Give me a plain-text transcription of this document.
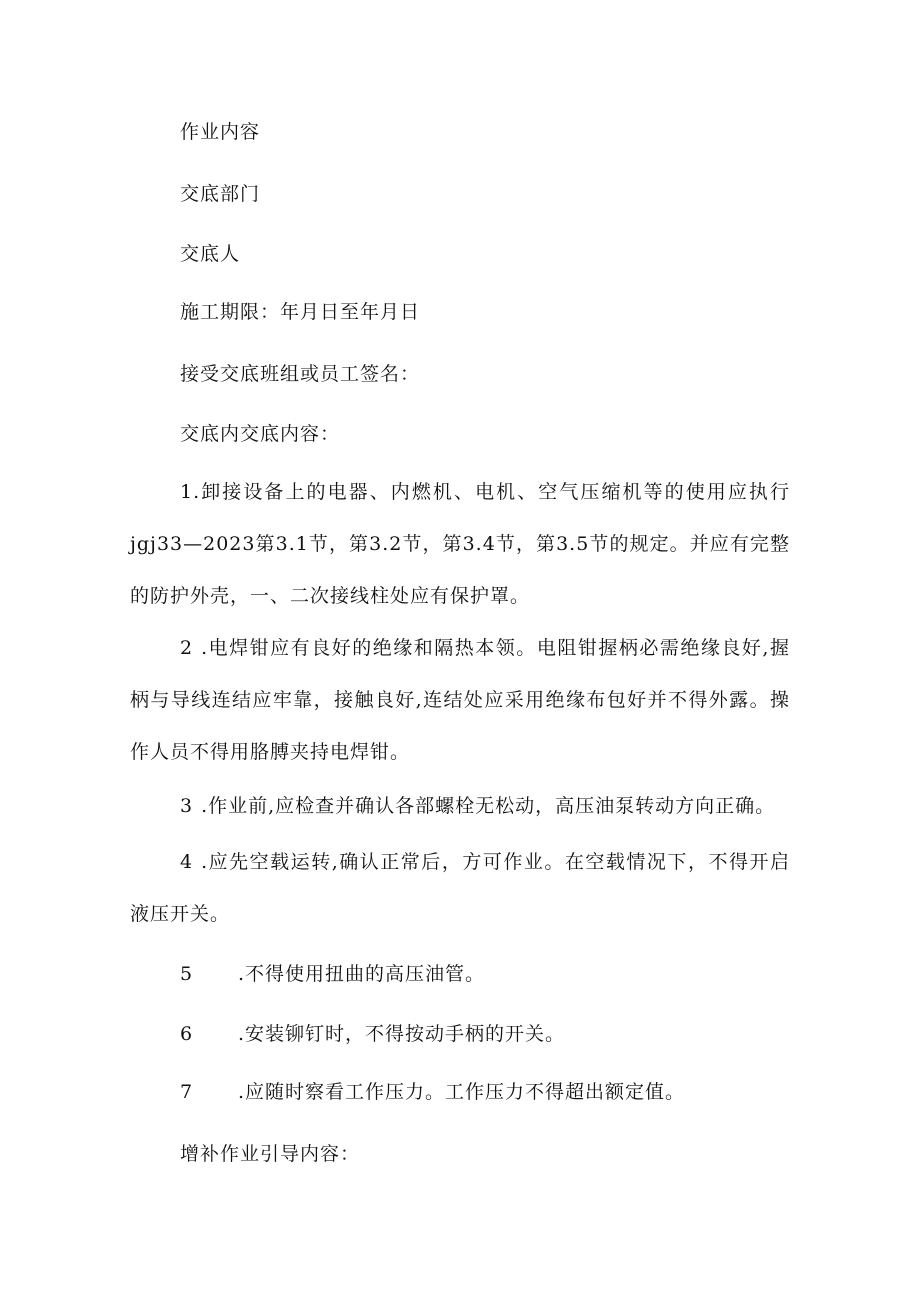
作业内容
交底部门
交底人
施工期限：年月日至年月日
接受交底班组或员工签名：
交底内交底内容：
1.卸接设备上的电器、内燃机、电机、空气压缩机等的使用应执行jgj33—2023第3.1节，第3.2节，第3.4节，第3.5节的规定。并应有完整的防护外壳，一、二次接线柱处应有保护罩。
2 .电焊钳应有良好的绝缘和隔热本领。电阻钳握柄必需绝缘良好,握柄与导线连结应牢靠，接触良好,连结处应采用绝缘布包好并不得外露。操作人员不得用胳膊夹持电焊钳。
3 .作业前,应检查并确认各部螺栓无松动，高压油泵转动方向正确。
4 .应先空载运转,确认正常后，方可作业。在空载情况下，不得开启液压开关。
5 .不得使用扭曲的高压油管。
6 .安装铆钉时，不得按动手柄的开关。
7 .应随时察看工作压力。工作压力不得超出额定值。
增补作业引导内容：
